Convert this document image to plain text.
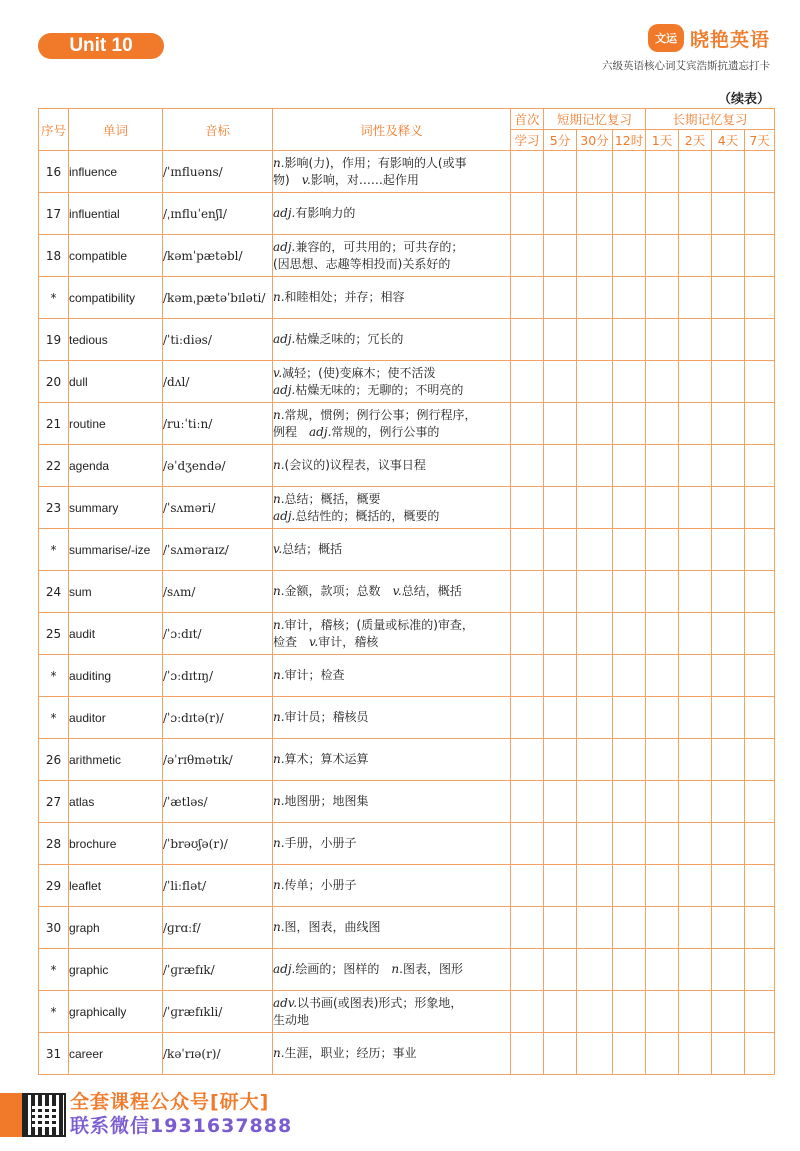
Unit 10	文运 晓艳英语
六级英语核心词艾宾浩斯抗遗忘打卡
（续表）
序号	单词	音标	词性及释义	首次	短期记忆复习			长期记忆复习			
				学习	5分	30分	12时	1天	2天	4天	7天
16	influence	/ˈɪnfluəns/	n.影响(力)，作用；有影响的人(或事
物)　v.影响，对……起作用								

17	influential	/ˌɪnfluˈenʃl/	adj.有影响力的								

18	compatible	/kəmˈpætəbl/	adj.兼容的，可共用的；可共存的；
(因思想、志趣等相投而)关系好的								

*	compatibility	/kəmˌpætəˈbɪləti/	n.和睦相处；并存；相容								

19	tedious	/ˈtiːdiəs/	adj.枯燥乏味的；冗长的								

20	dull	/dʌl/	v.减轻；(使)变麻木；使不活泼
adj.枯燥无味的；无聊的；不明亮的								

21	routine	/ruːˈtiːn/	n.常规，惯例；例行公事；例行程序，
例程　adj.常规的，例行公事的								

22	agenda	/əˈdʒendə/	n.(会议的)议程表，议事日程								

23	summary	/ˈsʌməri/	n.总结；概括，概要
adj.总结性的；概括的，概要的								

*	summarise/-ize	/ˈsʌməraɪz/	v.总结；概括								

24	sum	/sʌm/	n.金额，款项；总数　v.总结，概括								

25	audit	/ˈɔːdɪt/	n.审计，稽核；(质量或标准的)审查，
检查　v.审计，稽核								

*	auditing	/ˈɔːdɪtɪŋ/	n.审计；检查								

*	auditor	/ˈɔːdɪtə(r)/	n.审计员；稽核员								

26	arithmetic	/əˈrɪθmətɪk/	n.算术；算术运算								

27	atlas	/ˈætləs/	n.地图册；地图集								

28	brochure	/ˈbrəʊʃə(r)/	n.手册，小册子								

29	leaflet	/ˈliːflət/	n.传单；小册子								

30	graph	/ɡrɑːf/	n.图，图表，曲线图								

*	graphic	/ˈɡræfɪk/	adj.绘画的；图样的　n.图表，图形								

*	graphically	/ˈɡræfɪkli/	adv.以书画(或图表)形式；形象地，
生动地								

31	career	/kəˈrɪə(r)/	n.生涯，职业；经历；事业								

全套课程公众号[研大]
联系微信1931637888
